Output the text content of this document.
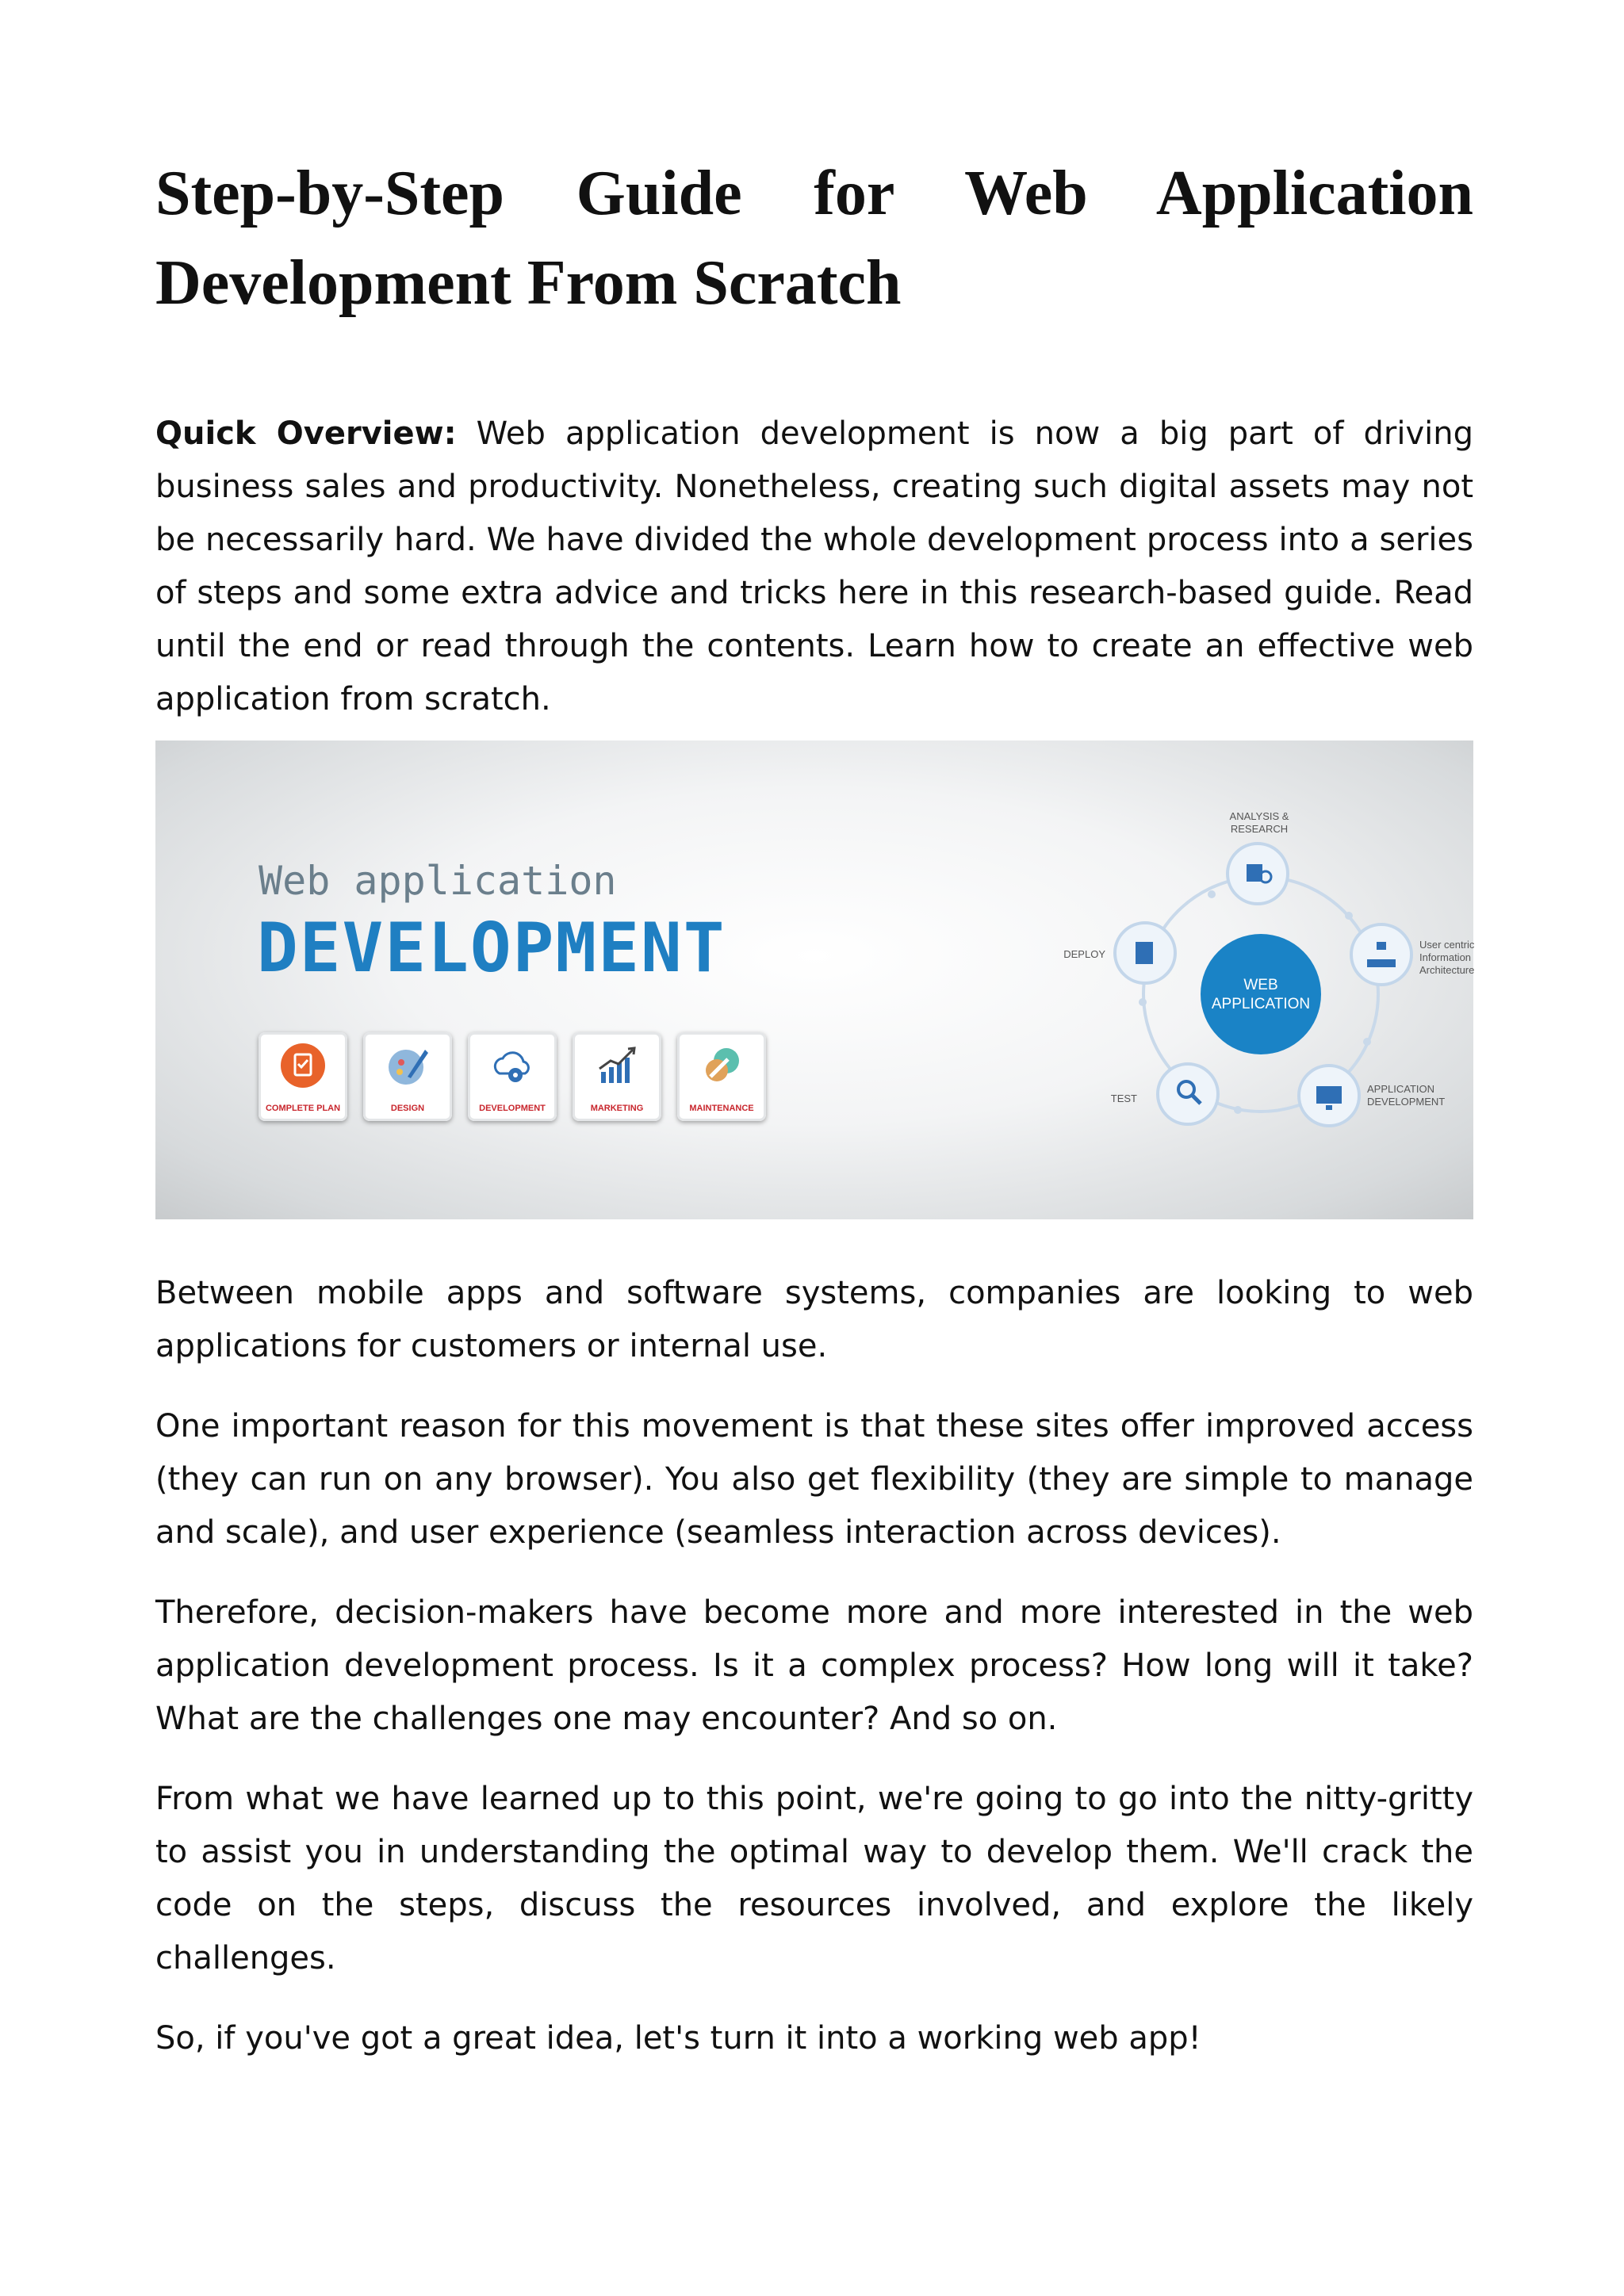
Step-by-Step Guide for Web Application Development From Scratch

Quick Overview: Web application development is now a big part of driving business sales and productivity. Nonetheless, creating such digital assets may not be necessarily hard. We have divided the whole development process into a series of steps and some extra advice and tricks here in this research-based guide. Read until the end or read through the contents. Learn how to create an effective web application from scratch.

Web application
DEVELOPMENT
COMPLETE PLAN	DESIGN	DEVELOPMENT	MARKETING	MAINTENANCE
WEB
APPLICATION
ANALYSIS &
RESEARCH
User centric
Information
Architecture
APPLICATION
DEVELOPMENT
TEST
DEPLOY

Between mobile apps and software systems, companies are looking to web applications for customers or internal use.

One important reason for this movement is that these sites offer improved access (they can run on any browser). You also get flexibility (they are simple to manage and scale), and user experience (seamless interaction across devices).

Therefore, decision-makers have become more and more interested in the web application development process. Is it a complex process? How long will it take? What are the challenges one may encounter? And so on.

From what we have learned up to this point, we're going to go into the nitty-gritty to assist you in understanding the optimal way to develop them. We'll crack the code on the steps, discuss the resources involved, and explore the likely challenges.

So, if you've got a great idea, let's turn it into a working web app!
